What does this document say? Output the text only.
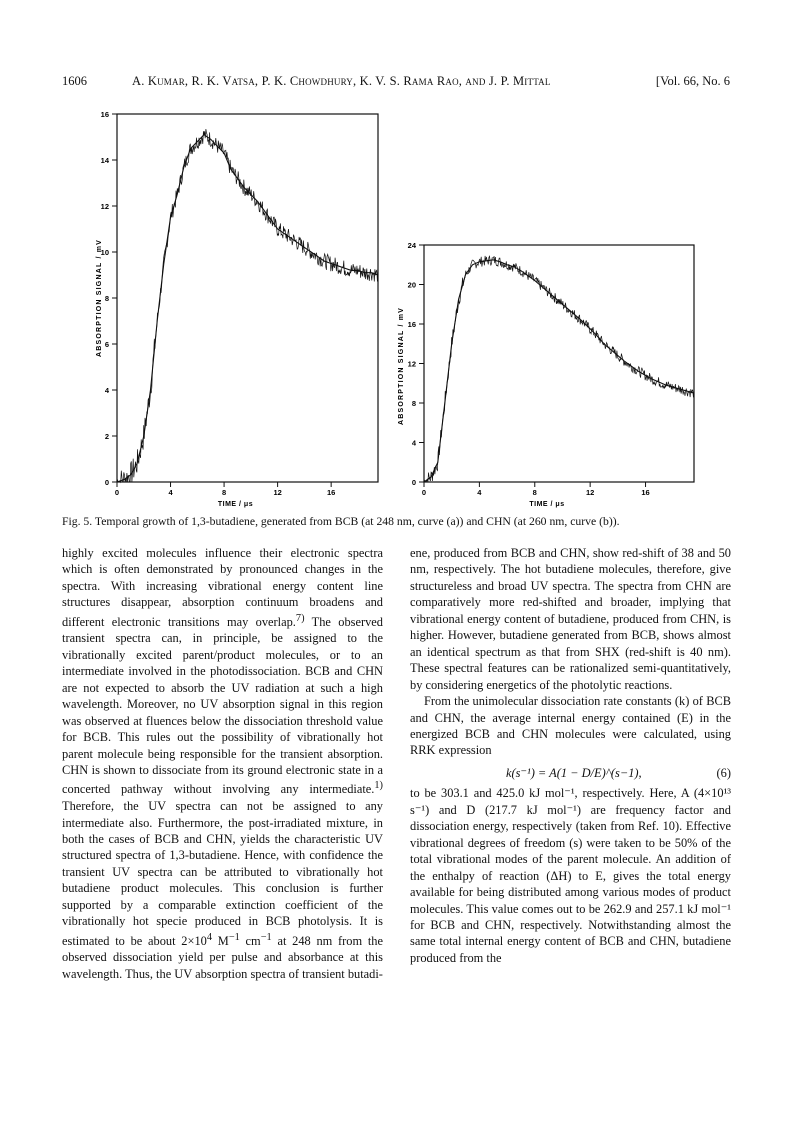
1606	A. Kumar, R. K. Vatsa, P. K. Chowdhury, K. V. S. Rama Rao, and J. P. Mittal	[Vol. 66, No. 6
0	4	8	12	16
0
2
4
6
8
10
12
14
16
TIME / μs
ABSORPTION SIGNAL / mV
0	4	8	12	16
0
4
8
12
16
20
24
TIME / μs
ABSORPTION SIGNAL / mV
Fig. 5. Temporal growth of 1,3-butadiene, generated from BCB (at 248 nm, curve (a)) and CHN (at 260 nm, curve (b)).

highly excited molecules influence their electronic spectra which is often demonstrated by pronounced changes in the spectra. With increasing vibrational energy content line structures disappear, absorption continuum broadens and different electronic transitions may overlap.$^{7)}$ The observed transient spectra can, in principle, be assigned to the vibrationally excited parent/product molecules, or to an intermediate involved in the photodissociation. BCB and CHN are not expected to absorb the UV radiation at such a high wavelength. Moreover, no UV absorption signal in this region was observed at fluences below the dissociation threshold value for BCB. This rules out the possibility of vibrationally hot parent molecule being responsible for the transient absorption. CHN is shown to dissociate from its ground electronic state in a concerted pathway without involving any intermediate.$^{1)}$ Therefore, the UV spectra can not be assigned to any intermediate also. Furthermore, the post-irradiated mixture, in both the cases of BCB and CHN, yields the characteristic UV structured spectra of 1,3-butadiene. Hence, with confidence the transient UV spectra can be attributed to vibrationally hot butadiene product molecules. This conclusion is further supported by a comparable extinction coefficient of the vibrationally hot specie produced in BCB photolysis. It is estimated to be about $2\times 10^4$ $M^{-1}$ $cm^{-1}$ at 248 nm from the observed dissociation yield per pulse and absorbance at this wavelength. Thus, the UV absorption spectra of transient butadi-

ene, produced from BCB and CHN, show red-shift of 38 and 50 nm, respectively. The hot butadiene molecules, therefore, give structureless and broad UV spectra. The spectra from CHN are comparatively more red-shifted and broader, implying that vibrational energy content of butadiene, produced from CHN, is higher. However, butadiene generated from BCB, shows almost an identical spectrum as that from SHX (red-shift is 40 nm). These spectral features can be rationalized semi-quantitatively, by considering energetics of the photolytic reactions.

From the unimolecular dissociation rate constants (k) of BCB and CHN, the average internal energy contained (E) in the energized BCB and CHN molecules were calculated, using RRK expression

k(s⁻¹) = A(1 − D/E)^(s−1),	(6)

to be 303.1 and 425.0 kJ mol⁻¹, respectively. Here, A (4×10¹³ s⁻¹) and D (217.7 kJ mol⁻¹) are frequency factor and dissociation energy, respectively (taken from Ref. 10). Effective vibrational degrees of freedom (s) were taken to be 50% of the total vibrational modes of the parent molecule. An addition of the enthalpy of reaction (ΔH) to E, gives the total energy available for being distributed among various modes of product molecules. This value comes out to be 262.9 and 257.1 kJ mol⁻¹ for BCB and CHN, respectively. Notwithstanding almost the same total internal energy content of BCB and CHN, butadiene produced from the
